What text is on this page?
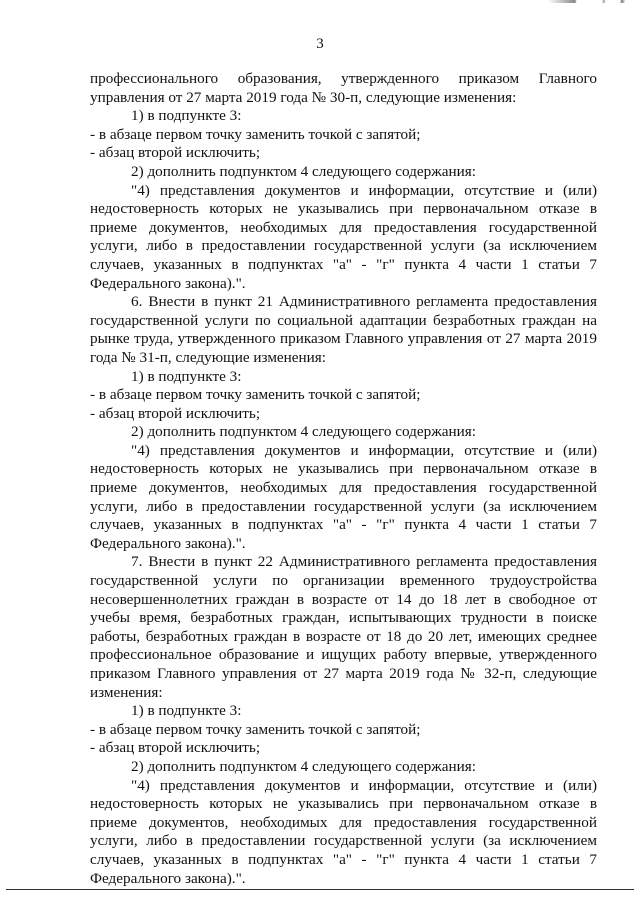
3

профессионального образования, утвержденного приказом Главного управления от 27 марта 2019 года № 30-п, следующие изменения:

1) в подпункте 3:

- в абзаце первом точку заменить точкой с запятой;

- абзац второй исключить;

2) дополнить подпунктом 4 следующего содержания:

"4) представления документов и информации, отсутствие и (или) недостоверность которых не указывались при первоначальном отказе в приеме документов, необходимых для предоставления государственной услуги, либо в предоставлении государственной услуги (за исключением случаев, указанных в подпунктах "а" - "г" пункта 4 части 1 статьи 7 Федерального закона).".

6. Внести в пункт 21 Административного регламента предоставления государственной услуги по социальной адаптации безработных граждан на рынке труда, утвержденного приказом Главного управления от 27 марта 2019 года № 31-п, следующие изменения:

1) в подпункте 3:

- в абзаце первом точку заменить точкой с запятой;

- абзац второй исключить;

2) дополнить подпунктом 4 следующего содержания:

"4) представления документов и информации, отсутствие и (или) недостоверность которых не указывались при первоначальном отказе в приеме документов, необходимых для предоставления государственной услуги, либо в предоставлении государственной услуги (за исключением случаев, указанных в подпунктах "а" - "г" пункта 4 части 1 статьи 7 Федерального закона).".

7. Внести в пункт 22 Административного регламента предоставления государственной услуги по организации временного трудоустройства несовершеннолетних граждан в возрасте от 14 до 18 лет в свободное от учебы время, безработных граждан, испытывающих трудности в поиске работы, безработных граждан в возрасте от 18 до 20 лет, имеющих среднее профессиональное образование и ищущих работу впервые, утвержденного приказом Главного управления от 27 марта 2019 года № 32-п, следующие изменения:

1) в подпункте 3:

- в абзаце первом точку заменить точкой с запятой;

- абзац второй исключить;

2) дополнить подпунктом 4 следующего содержания:

"4) представления документов и информации, отсутствие и (или) недостоверность которых не указывались при первоначальном отказе в приеме документов, необходимых для предоставления государственной услуги, либо в предоставлении государственной услуги (за исключением случаев, указанных в подпунктах "а" - "г" пункта 4 части 1 статьи 7 Федерального закона).".
